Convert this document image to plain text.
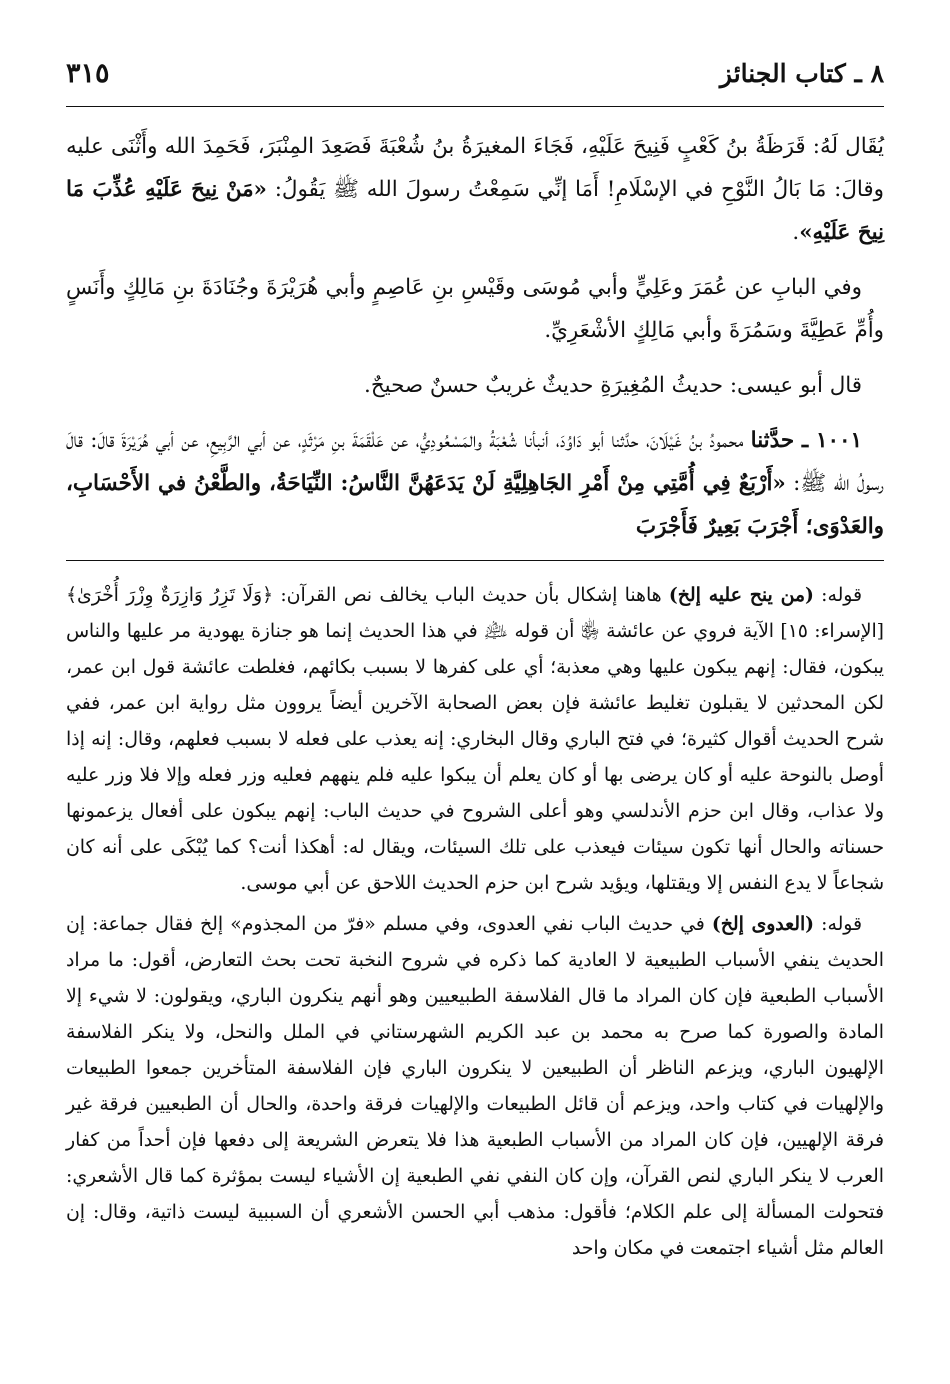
٨ ـ كتاب الجنائز
٣١٥

يُقَال لَهُ: قَرَظَةُ بنُ كَعْبٍ فَنِيحَ عَلَيْهِ، فَجَاءَ المغيرَةُ بنُ شُعْبَةَ فَصَعِدَ المِنْبَرَ، فَحَمِدَ الله وأَثْنَى عليه وقالَ: مَا بَالُ النَّوْحِ في الإسْلَامِ! أَمَا إنِّي سَمِعْتُ رسولَ الله ﷺ يَقُولُ: «مَنْ نِيحَ عَلَيْهِ عُذِّبَ مَا نِيحَ عَلَيْهِ».

وفي البابِ عن عُمَرَ وعَلِيٍّ وأبي مُوسَى وقَيْسِ بنِ عَاصِمٍ وأبي هُرَيْرَةَ وجُنَادَةَ بنِ مَالِكٍ وأَنَسٍ وأُمِّ عَطِيَّةَ وسَمُرَةَ وأبي مَالِكٍ الأشْعَرِيِّ.

قال أبو عيسى: حديثُ المُغِيرَةِ حديثٌ غريبٌ حسنٌ صحيحٌ.

١٠٠١ ـ حدَّثنا محمودُ بنُ غَيْلَانَ، حدَّثنا أبو دَاوُدَ، أنبأنا شُعْبَةُ والمَسْعُودِيُّ، عن عَلْقَمَةَ بنِ مَرْثَدٍ، عن أبي الرَّبِيعِ، عن أبي هُرَيْرَةَ قالَ: قالَ رسولُ الله ﷺ: «أَرْبَعٌ فِي أُمَّتِي مِنْ أَمْرِ الجَاهِلِيَّةِ لَنْ يَدَعَهُنَّ النَّاسُ: النِّيَاحَةُ، والطَّعْنُ في الأَحْسَابِ، والعَدْوَى؛ أَجْرَبَ بَعِيرٌ فَأَجْرَبَ

قوله: (من ينح عليه إلخ) هاهنا إشكال بأن حديث الباب يخالف نص القرآن: ﴿وَلَا تَزِرُ وَازِرَةٌ وِزْرَ أُخْرَىٰ﴾ [الإسراء: ١٥] الآية فروي عن عائشة ﵂ أن قوله ﵇ في هذا الحديث إنما هو جنازة يهودية مر عليها والناس يبكون، فقال: إنهم يبكون عليها وهي معذبة؛ أي على كفرها لا بسبب بكائهم، فغلطت عائشة قول ابن عمر، لكن المحدثين لا يقبلون تغليط عائشة فإن بعض الصحابة الآخرين أيضاً يروون مثل رواية ابن عمر، ففي شرح الحديث أقوال كثيرة؛ في فتح الباري وقال البخاري: إنه يعذب على فعله لا بسبب فعلهم، وقال: إنه إذا أوصل بالنوحة عليه أو كان يرضى بها أو كان يعلم أن يبكوا عليه فلم ينههم فعليه وزر فعله وإلا فلا وزر عليه ولا عذاب، وقال ابن حزم الأندلسي وهو أعلى الشروح في حديث الباب: إنهم يبكون على أفعال يزعمونها حسناته والحال أنها تكون سيئات فيعذب على تلك السيئات، ويقال له: أهكذا أنت؟ كما يُبْكَى على أنه كان شجاعاً لا يدع النفس إلا ويقتلها، ويؤيد شرح ابن حزم الحديث اللاحق عن أبي موسى.

قوله: (العدوى إلخ) في حديث الباب نفي العدوى، وفي مسلم «فرّ من المجذوم» إلخ فقال جماعة: إن الحديث ينفي الأسباب الطبيعية لا العادية كما ذكره في شروح النخبة تحت بحث التعارض، أقول: ما مراد الأسباب الطبعية فإن كان المراد ما قال الفلاسفة الطبيعيين وهو أنهم ينكرون الباري، ويقولون: لا شيء إلا المادة والصورة كما صرح به محمد بن عبد الكريم الشهرستاني في الملل والنحل، ولا ينكر الفلاسفة الإلهيون الباري، ويزعم الناظر أن الطبيعين لا ينكرون الباري فإن الفلاسفة المتأخرين جمعوا الطبيعات والإلهيات في كتاب واحد، ويزعم أن قائل الطبيعات والإلهيات فرقة واحدة، والحال أن الطبعيين فرقة غير فرقة الإلهيين، فإن كان المراد من الأسباب الطبعية هذا فلا يتعرض الشريعة إلى دفعها فإن أحداً من كفار العرب لا ينكر الباري لنص القرآن، وإن كان النفي نفي الطبعية إن الأشياء ليست بمؤثرة كما قال الأشعري: فتحولت المسألة إلى علم الكلام؛ فأقول: مذهب أبي الحسن الأشعري أن السببية ليست ذاتية، وقال: إن العالم مثل أشياء اجتمعت في مكان واحد
